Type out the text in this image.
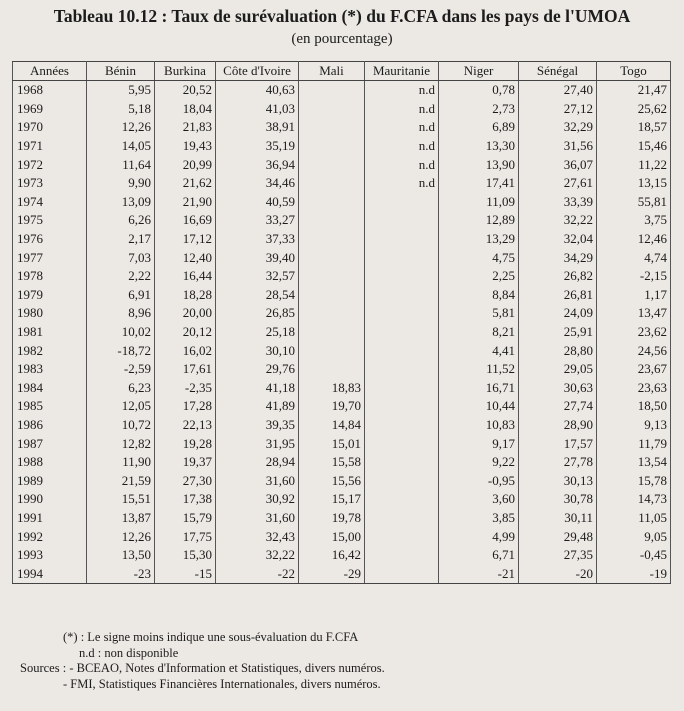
Tableau 10.12 : Taux de surévaluation (*) du F.CFA dans les pays de l'UMOA
(en pourcentage)
Années	Bénin	Burkina	Côte d'Ivoire	Mali	Mauritanie	Niger	Sénégal	Togo
1968	5,95	20,52	40,63		n.d	0,78	27,40	21,47
1969	5,18	18,04	41,03		n.d	2,73	27,12	25,62
1970	12,26	21,83	38,91		n.d	6,89	32,29	18,57
1971	14,05	19,43	35,19		n.d	13,30	31,56	15,46
1972	11,64	20,99	36,94		n.d	13,90	36,07	11,22
1973	9,90	21,62	34,46		n.d	17,41	27,61	13,15
1974	13,09	21,90	40,59			11,09	33,39	55,81
1975	6,26	16,69	33,27			12,89	32,22	3,75
1976	2,17	17,12	37,33			13,29	32,04	12,46
1977	7,03	12,40	39,40			4,75	34,29	4,74
1978	2,22	16,44	32,57			2,25	26,82	-2,15
1979	6,91	18,28	28,54			8,84	26,81	1,17
1980	8,96	20,00	26,85			5,81	24,09	13,47
1981	10,02	20,12	25,18			8,21	25,91	23,62
1982	-18,72	16,02	30,10			4,41	28,80	24,56
1983	-2,59	17,61	29,76			11,52	29,05	23,67
1984	6,23	-2,35	41,18	18,83		16,71	30,63	23,63
1985	12,05	17,28	41,89	19,70		10,44	27,74	18,50
1986	10,72	22,13	39,35	14,84		10,83	28,90	9,13
1987	12,82	19,28	31,95	15,01		9,17	17,57	11,79
1988	11,90	19,37	28,94	15,58		9,22	27,78	13,54
1989	21,59	27,30	31,60	15,56		-0,95	30,13	15,78
1990	15,51	17,38	30,92	15,17		3,60	30,78	14,73
1991	13,87	15,79	31,60	19,78		3,85	30,11	11,05
1992	12,26	17,75	32,43	15,00		4,99	29,48	9,05
1993	13,50	15,30	32,22	16,42		6,71	27,35	-0,45
1994	-23	-15	-22	-29		-21	-20	-19
(*) : Le signe moins indique une sous-évaluation du F.CFA
n.d : non disponible
Sources : - BCEAO, Notes d'Information et Statistiques, divers numéros.
- FMI, Statistiques Financières Internationales, divers numéros.
